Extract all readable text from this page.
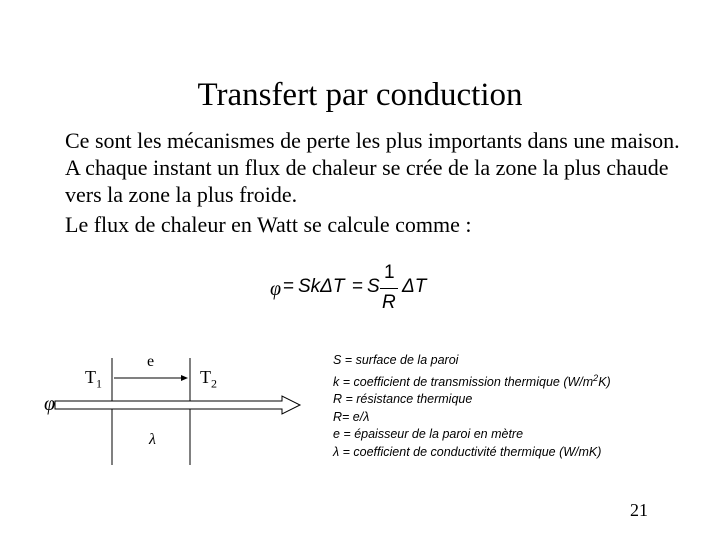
Transfert par conduction
Ce sont les mécanismes de perte les plus importants dans une maison. A chaque instant un flux de chaleur se crée de la zone la plus chaude vers la zone la plus froide.
Le flux de chaleur en Watt se calcule comme :
φ = SkΔT = S
1
R
ΔT
$T_1$	$T_2$
e
λ
φ
S = surface de la paroi
k = coefficient de transmission thermique $(W/m^2K)$
R = résistance thermique
R= e/λ
e = épaisseur de la paroi en mètre
λ = coefficient de conductivité thermique (W/mK)
21
